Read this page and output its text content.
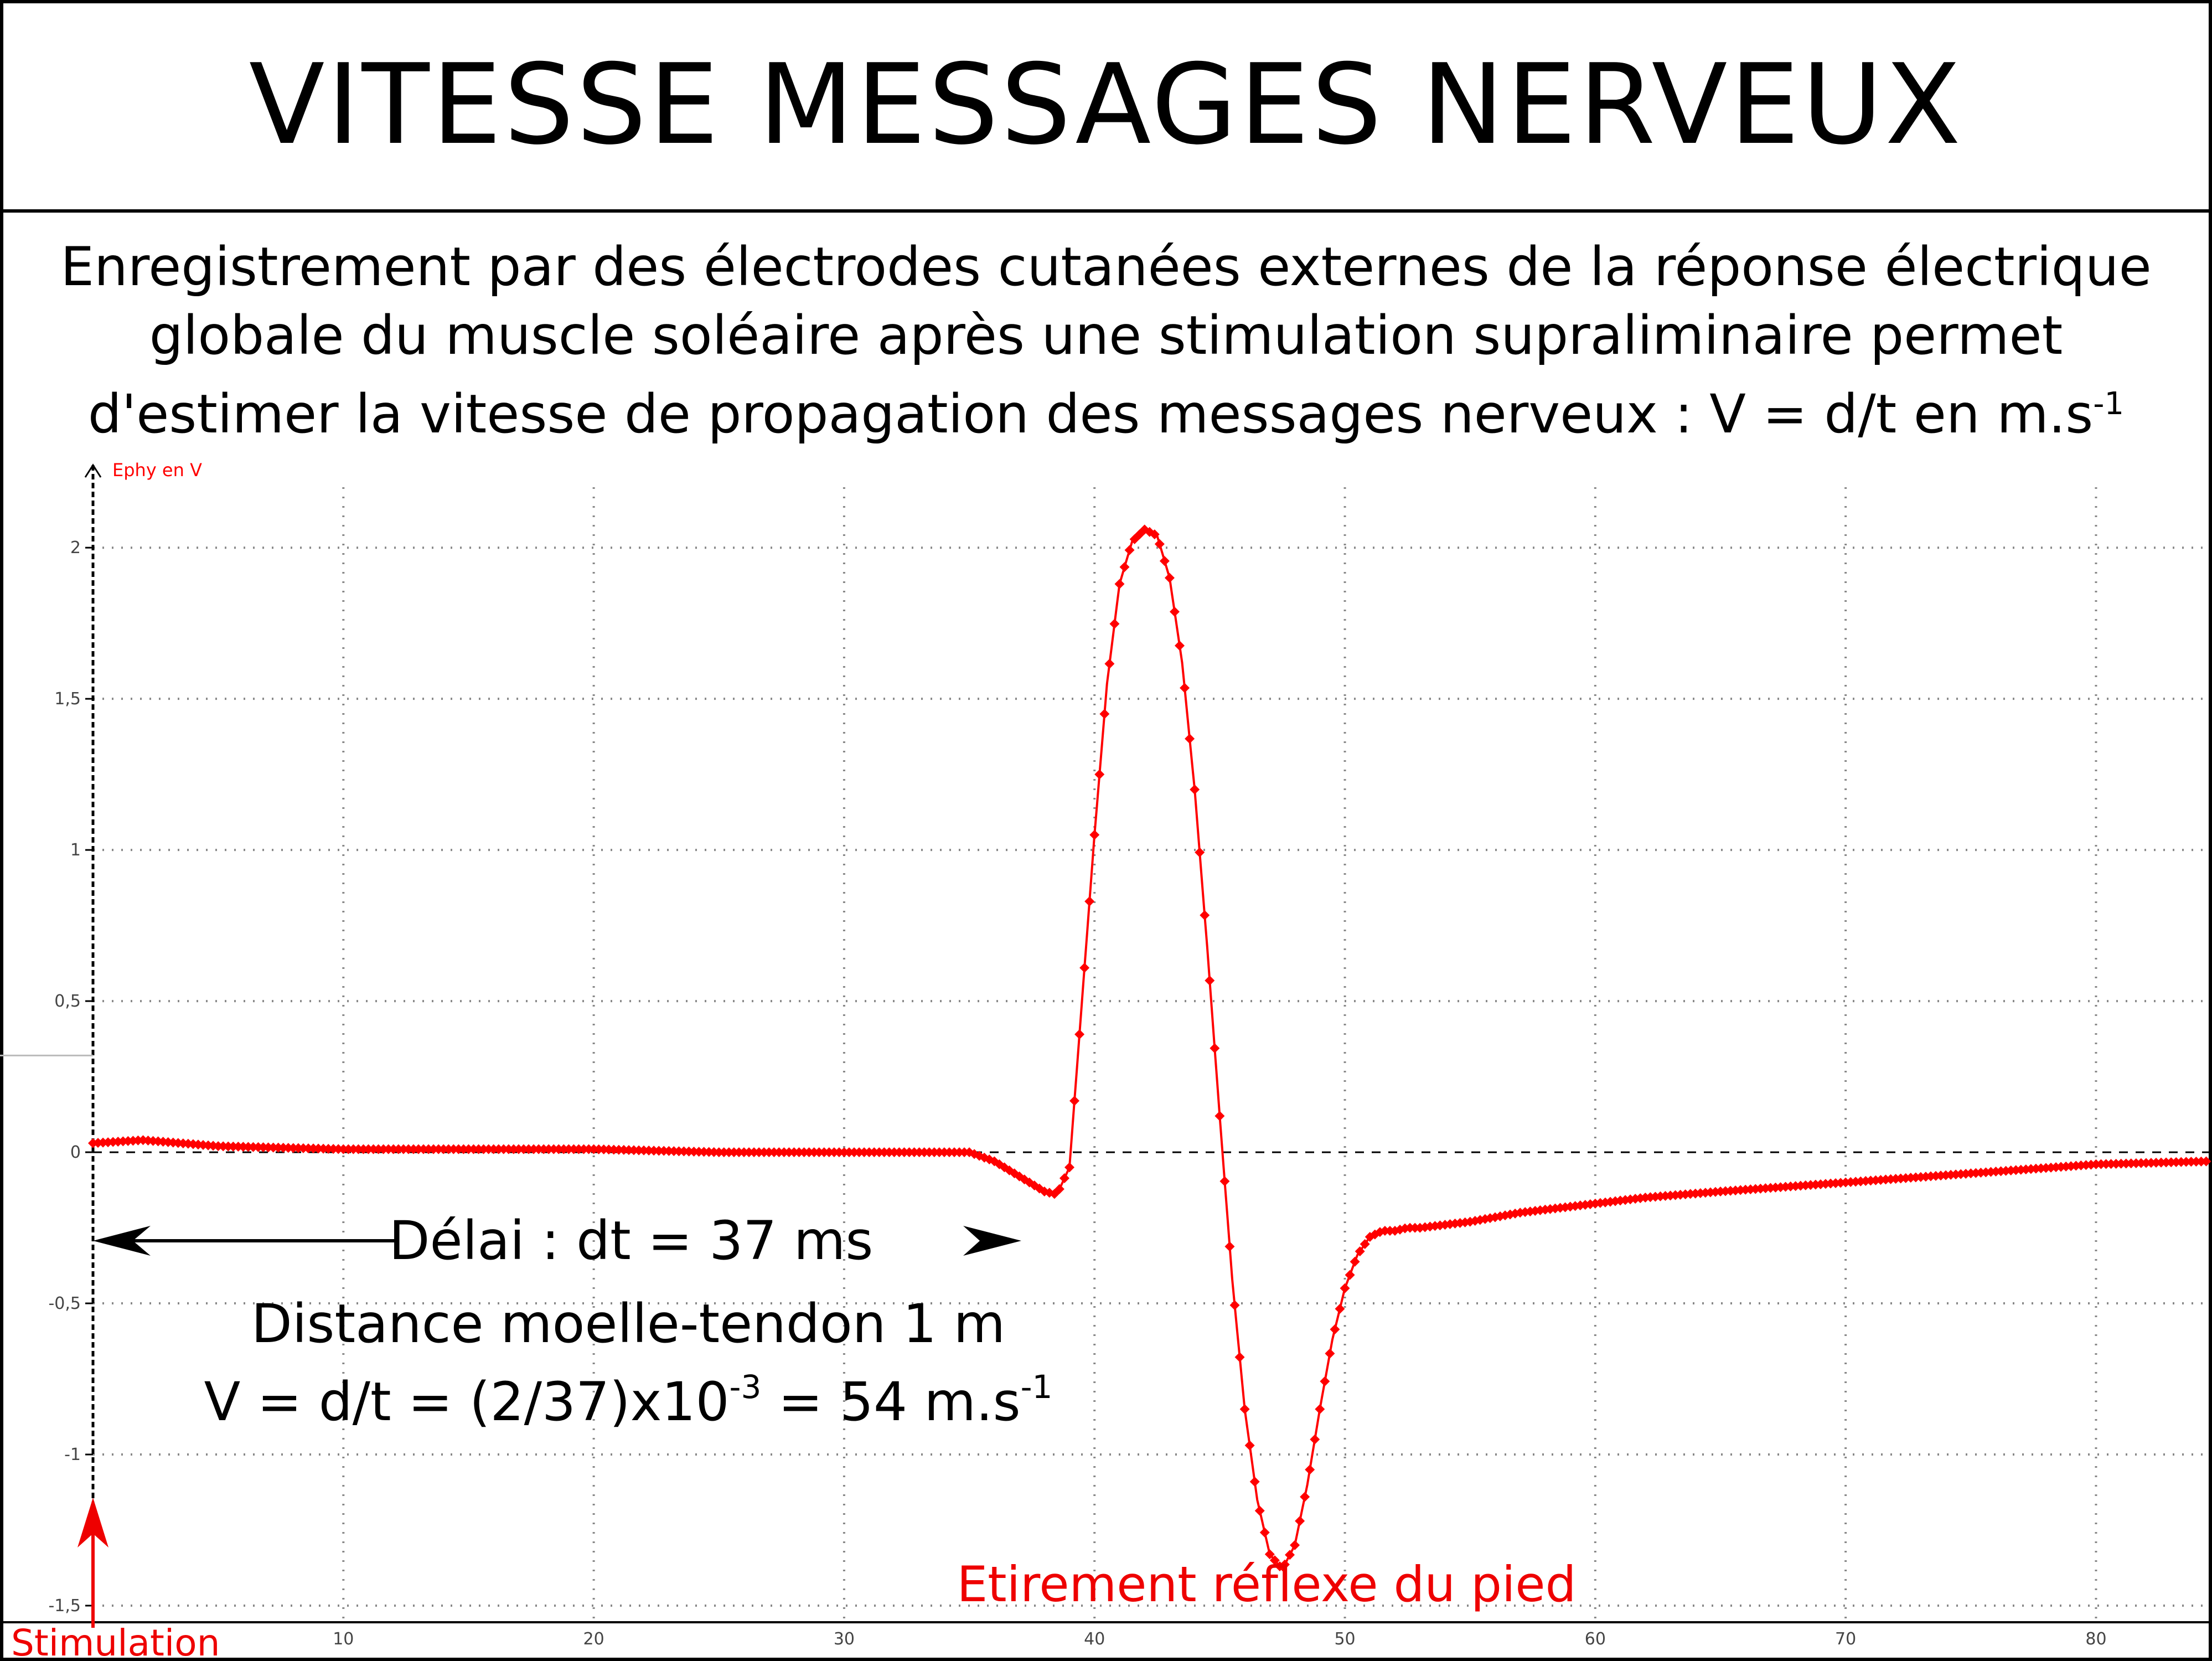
VITESSE MESSAGES NERVEUX
Enregistrement par des électrodes cutanées externes de la réponse électrique
globale du muscle soléaire après une stimulation supraliminaire permet
d'estimer la vitesse de propagation des messages nerveux : V = d/t en $m.s^{-1}$
10	20	30	40	50	60	70	80
-1,5
-1
-0,5
0
0,5
1
1,5
2
Ephy en V
Délai : dt = 37 ms
Distance moelle-tendon 1 m
$V = d/t = (2/37)x10^{-3} = 54$ $m.s^{-1}$
Etirement réflexe du pied
Stimulation
